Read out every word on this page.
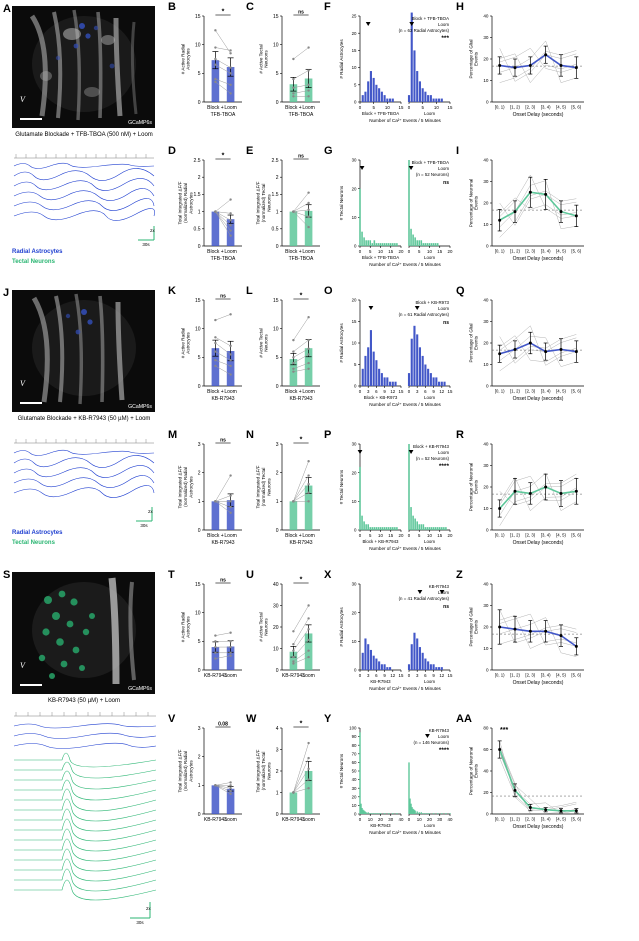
A
V
GCaMP6s
Glutamate Blockade + TFB-TBOA (500 nM) + Loom
30s
2x
Radial Astrocytes
Tectal Neurons
J
V
GCaMP6s
Glutamate Blockade + KB-R7943 (50 µM) + Loom
30s
2x
Radial Astrocytes
Tectal Neurons
S
V
GCaMP6s
KB-R7943 (50 µM) + Loom
30s
2x
B
0
5
10
15
*
Block + Loom
TFB-TBOA
# Active Radial Astrocytes
C
0
5
10
15
ns
Block + Loom
TFB-TBOA
# Active Tectal Neurons
D
0
0.5
1
1.5
2
2.5
*
Block + Loom
TFB-TBOA
Total Integrated ΔF/F (normalized) Radial Astrocytes
E
0
0.5
1
1.5
2
2.5
ns
Block + Loom
TFB-TBOA
Total Integrated ΔF/F (normalized) Tectal Neurons
F
0
5
10
15
20
25
0	5 10 15 0	5 10 15
Block + TFB-TBOA
Loom
(n = 62 Radial Astrocytes)
***
Block + TFB-TBOA	Loom
Number of Ca²⁺ Events / 5 Minutes
# Radial Astrocytes
G
0
10
20
30
0 5 10 15 20 0 5 10 15 20
Block + TFB-TBOA
Loom
(n = 52 Neurons)
ns
Block + TFB-TBOA	Loom
Number of Ca²⁺ Events / 5 Minutes
# Tectal Neurons
H
0
10
20
30
40
[0, 1) [1, 2) [2, 3) [3, 4) [4, 5) [5, 6)
Onset Delay (seconds)
Percentage of Glial Events
I
0
10
20
30
40
[0, 1) [1, 2) [2, 3) [3, 4) [4, 5) [5, 6)
Onset Delay (seconds)
Percentage of Neuronal Events
K
0
5
10
15
ns
Block + Loom
KB-R7943
# Active Radial Astrocytes
L
0
5
10
15
*
Block + Loom
KB-R7943
# Active Tectal Neurons
M
0
1
2
3
ns
Block + Loom
KB-R7943
Total Integrated ΔF/F (normalized) Radial Astrocytes
N
0
1
2
3
*
Block + Loom
KB-R7943
Total Integrated ΔF/F (normalized) Tectal Neurons
O
0
5
10
15
20
0 3 6 9 12 15 0 3 6 9 12 15
Block + KB-R973
Loom
(n = 61 Radial Astrocytes)
ns
Block + KB-R973	Loom
Number of Ca²⁺ Events / 5 Minutes
# Radial Astrocytes
P
0
10
20
30
0 5 10 15 20 0 5 10 15 20
Block + KB-R7943
Loom
(n = 52 Neurons)
****
Block + KB-R7943	Loom
Number of Ca²⁺ Events / 5 Minutes
# Tectal Neurons
Q
0
10
20
30
40
[0, 1) [1, 2) [2, 3) [3, 4) [4, 5) [5, 6)
Onset Delay (seconds)
Percentage of Glial Events
R
0
10
20
30
40
[0, 1) [1, 2) [2, 3) [3, 4) [4, 5) [5, 6)
Onset Delay (seconds)
Percentage of Neuronal Events
T
0
5
10
15
ns
KB-R7943
Loom
# Active Radial Astrocytes
U
0
10
20
30
40
*
KB-R7943
Loom
# Active Tectal Neurons
V
0
1
2
3
0.08
KB-R7943
Loom
Total Integrated ΔF/F (normalized) Radial Astrocytes
W
0
1
2
3
4
*
KB-R7943
Loom
Total Integrated ΔF/F (normalized) Tectal Neurons
X
0
10
20
30
0 3 6 9 12 15 0 3 6 9 12 15
KB-R7943
Loom
(n = 41 Radial Astrocytes)
ns
KB-R7943	Loom
Number of Ca²⁺ Events / 5 Minutes
# Radial Astrocytes
Y
0
10
20
30
40
50
60
70
80
90
100
0 10 20 30 40 0 10 20 30 40
KB-R7943
Loom
(n = 146 Neurons)
****
KB-R7943	Loom
Number of Ca²⁺ Events / 5 Minutes
# Tectal Neurons
Z
0
10
20
30
40
[0, 1) [1, 2) [2, 3) [3, 4) [4, 5) [5, 6)
Onset Delay (seconds)
Percentage of Glial Events
AA
0
20
40
60
80
[0, 1) [1, 2) [2, 3) [3, 4) [4, 5) [5, 6)
Onset Delay (seconds)
***
Percentage of Neuronal Events
